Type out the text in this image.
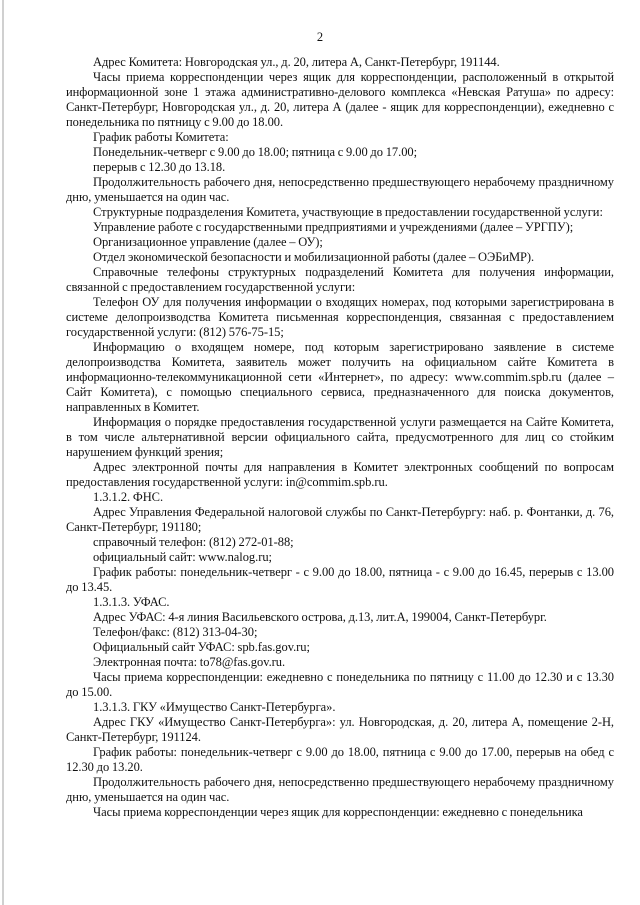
2

Адрес Комитета: Новгородская ул., д. 20, литера А, Санкт-Петербург, 191144.

Часы приема корреспонденции через ящик для корреспонденции, расположенный в открытой информационной зоне 1 этажа административно-делового комплекса «Невская Ратуша» по адресу: Санкт-Петербург, Новгородская ул., д. 20, литера А (далее - ящик для корреспонденции), ежедневно с понедельника по пятницу с 9.00 до 18.00.

График работы Комитета:

Понедельник-четверг с 9.00 до 18.00; пятница с 9.00 до 17.00;

перерыв с 12.30 до 13.18.

Продолжительность рабочего дня, непосредственно предшествующего нерабочему праздничному дню, уменьшается на один час.

Структурные подразделения Комитета, участвующие в предоставлении государственной услуги:

Управление работе с государственными предприятиями и учреждениями (далее – УРГПУ);

Организационное управление (далее – ОУ);

Отдел экономической безопасности и мобилизационной работы (далее – ОЭБиМР).

Справочные телефоны структурных подразделений Комитета для получения информации, связанной с предоставлением государственной услуги:

Телефон ОУ для получения информации о входящих номерах, под которыми зарегистрирована в системе делопроизводства Комитета письменная корреспонденция, связанная с предоставлением государственной услуги: (812) 576-75-15;

Информацию о входящем номере, под которым зарегистрировано заявление в системе делопроизводства Комитета, заявитель может получить на официальном сайте Комитета в информационно-телекоммуникационной сети «Интернет», по адресу: www.commim.spb.ru (далее – Сайт Комитета), с помощью специального сервиса, предназначенного для поиска документов, направленных в Комитет.

Информация о порядке предоставления государственной услуги размещается на Сайте Комитета, в том числе альтернативной версии официального сайта, предусмотренного для лиц со стойким нарушением функций зрения;

Адрес электронной почты для направления в Комитет электронных сообщений по вопросам предоставления государственной услуги: in@commim.spb.ru.

1.3.1.2. ФНС.

Адрес Управления Федеральной налоговой службы по Санкт-Петербургу: наб. р. Фонтанки, д. 76, Санкт-Петербург, 191180;

справочный телефон: (812) 272-01-88;

официальный сайт: www.nalog.ru;

График работы: понедельник-четверг - с 9.00 до 18.00, пятница - с 9.00 до 16.45, перерыв с 13.00 до 13.45.

1.3.1.3. УФАС.

Адрес УФАС: 4-я линия Васильевского острова, д.13, лит.А, 199004, Санкт-Петербург.

Телефон/факс: (812) 313-04-30;

Официальный сайт УФАС: spb.fas.gov.ru;

Электронная почта: to78@fas.gov.ru.

Часы приема корреспонденции: ежедневно с понедельника по пятницу с 11.00 до 12.30 и с 13.30 до 15.00.

1.3.1.3. ГКУ «Имущество Санкт-Петербурга».

Адрес ГКУ «Имущество Санкт-Петербурга»: ул. Новгородская, д. 20, литера А, помещение 2-Н, Санкт-Петербург, 191124.

График работы: понедельник-четверг с 9.00 до 18.00, пятница с 9.00 до 17.00, перерыв на обед с 12.30 до 13.20.

Продолжительность рабочего дня, непосредственно предшествующего нерабочему праздничному дню, уменьшается на один час.

Часы приема корреспонденции через ящик для корреспонденции: ежедневно с понедельника
